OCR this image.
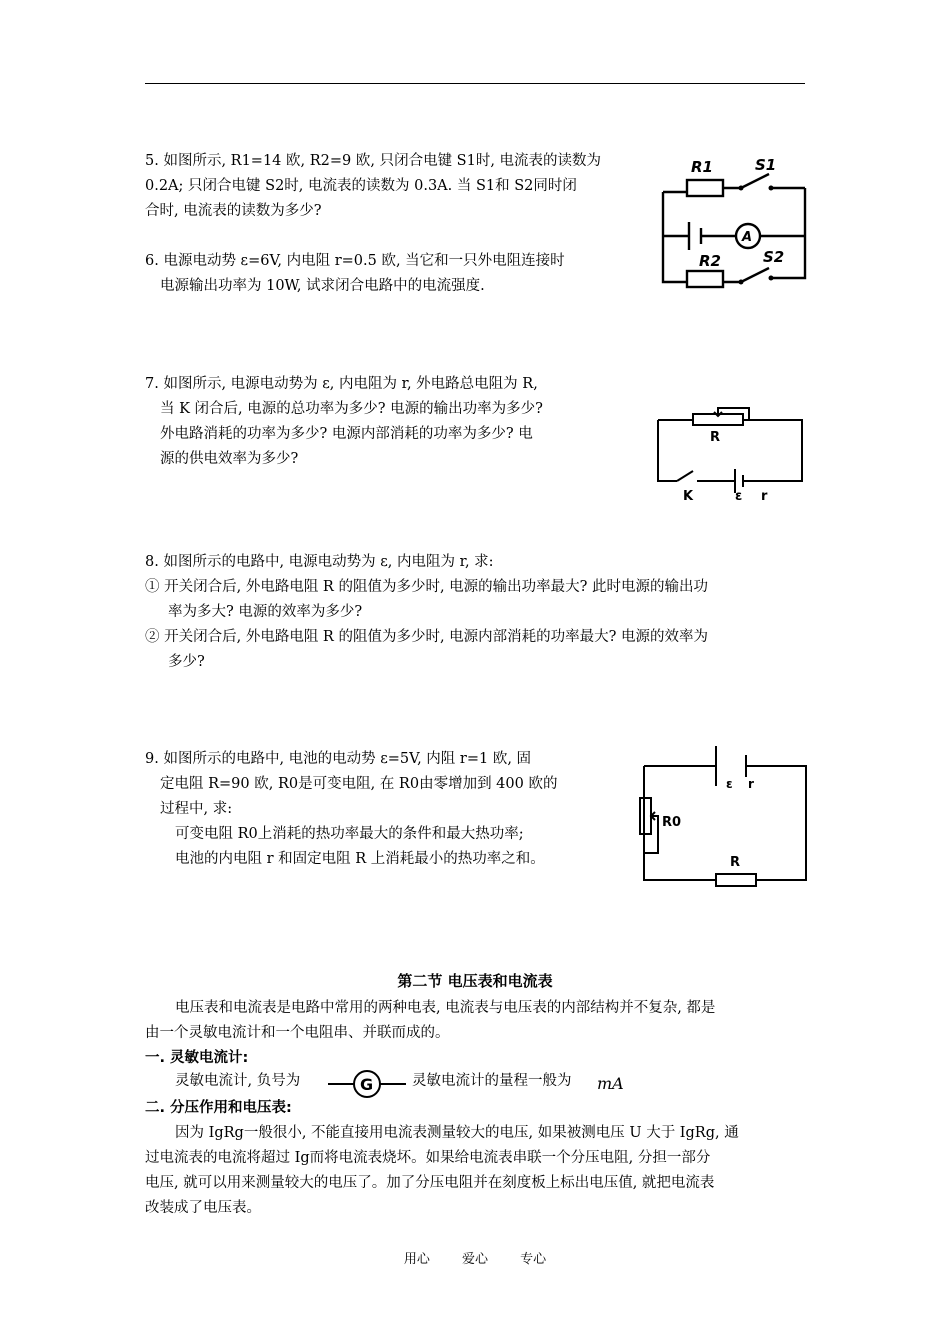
5. 如图所示, R1=14 欧, R2=9 欧, 只闭合电键 S1时, 电流表的读数为
0.2A; 只闭合电键 S2时, 电流表的读数为 0.3A. 当 S1和 S2同时闭
合时, 电流表的读数为多少?
6. 电源电动势 ε=6V, 内电阻 r=0.5 欧, 当它和一只外电阻连接时
电源输出功率为 10W, 试求闭合电路中的电流强度.
R1	S1
A
R2	S2
7. 如图所示, 电源电动势为 ε, 内电阻为 r, 外电路总电阻为 R,
当 K 闭合后, 电源的总功率为多少? 电源的输出功率为多少?
外电路消耗的功率为多少? 电源内部消耗的功率为多少? 电
源的供电效率为多少?
R
K	ε r
8. 如图所示的电路中, 电源电动势为 ε, 内电阻为 r, 求:
① 开关闭合后, 外电路电阻 R 的阻值为多少时, 电源的输出功率最大? 此时电源的输出功
率为多大? 电源的效率为多少?
② 开关闭合后, 外电路电阻 R 的阻值为多少时, 电源内部消耗的功率最大? 电源的效率为
多少?
9. 如图所示的电路中, 电池的电动势 ε=5V, 内阻 r=1 欧, 固
定电阻 R=90 欧, R0是可变电阻, 在 R0由零增加到 400 欧的
过程中, 求:
可变电阻 R0上消耗的热功率最大的条件和最大热功率;
电池的内电阻 r 和固定电阻 R 上消耗最小的热功率之和。
ε r
R0
R
第二节 电压表和电流表
电压表和电流表是电路中常用的两种电表, 电流表与电压表的内部结构并不复杂, 都是
由一个灵敏电流计和一个电阻串、并联而成的。
一. 灵敏电流计:
灵敏电流计, 负号为	G	灵敏电流计的量程一般为 mA
二. 分压作用和电压表:
因为 IgRg一般很小, 不能直接用电流表测量较大的电压, 如果被测电压 U 大于 IgRg, 通
过电流表的电流将超过 Ig而将电流表烧坏。如果给电流表串联一个分压电阻, 分担一部分
电压, 就可以用来测量较大的电压了。加了分压电阻并在刻度板上标出电压值, 就把电流表
改装成了电压表。
用心 爱心 专心
